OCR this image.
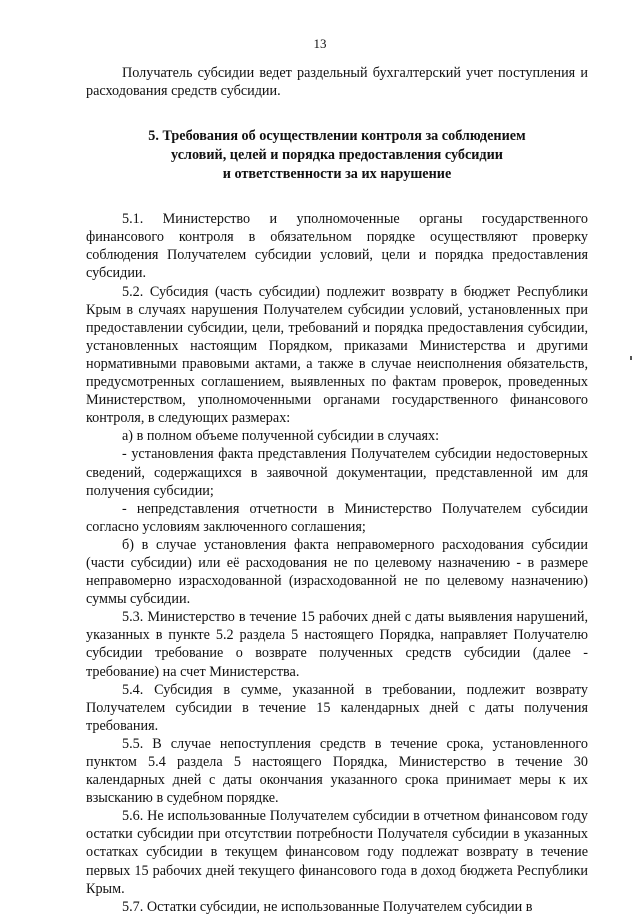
13

Получатель субсидии ведет раздельный бухгалтерский учет поступления и расходования средств субсидии.

5. Требования об осуществлении контроля за соблюдением
условий, целей и порядка предоставления субсидии
и ответственности за их нарушение

5.1. Министерство и уполномоченные органы государственного финансового контроля в обязательном порядке осуществляют проверку соблюдения Получателем субсидии условий, цели и порядка предоставления субсидии.

5.2. Субсидия (часть субсидии) подлежит возврату в бюджет Республики Крым в случаях нарушения Получателем субсидии условий, установленных при предоставлении субсидии, цели, требований и порядка предоставления субсидии, установленных настоящим Порядком, приказами Министерства и другими нормативными правовыми актами, а также в случае неисполнения обязательств, предусмотренных соглашением, выявленных по фактам проверок, проведенных Министерством, уполномоченными органами государственного финансового контроля, в следующих размерах:

а) в полном объеме полученной субсидии в случаях:

- установления факта представления Получателем субсидии недостоверных сведений, содержащихся в заявочной документации, представленной им для получения субсидии;

- непредставления отчетности в Министерство Получателем субсидии согласно условиям заключенного соглашения;

б) в случае установления факта неправомерного расходования субсидии (части субсидии) или её расходования не по целевому назначению - в размере неправомерно израсходованной (израсходованной не по целевому назначению) суммы субсидии.

5.3. Министерство в течение 15 рабочих дней с даты выявления нарушений, указанных в пункте 5.2 раздела 5 настоящего Порядка, направляет Получателю субсидии требование о возврате полученных средств субсидии (далее - требование) на счет Министерства.

5.4. Субсидия в сумме, указанной в требовании, подлежит возврату Получателем субсидии в течение 15 календарных дней с даты получения требования.

5.5. В случае непоступления средств в течение срока, установленного пунктом 5.4 раздела 5 настоящего Порядка, Министерство в течение 30 календарных дней с даты окончания указанного срока принимает меры к их взысканию в судебном порядке.

5.6. Не использованные Получателем субсидии в отчетном финансовом году остатки субсидии при отсутствии потребности Получателя субсидии в указанных остатках субсидии в текущем финансовом году подлежат возврату в течение первых 15 рабочих дней текущего финансового года в доход бюджета Республики Крым.

5.7. Остатки субсидии, не использованные Получателем субсидии в
